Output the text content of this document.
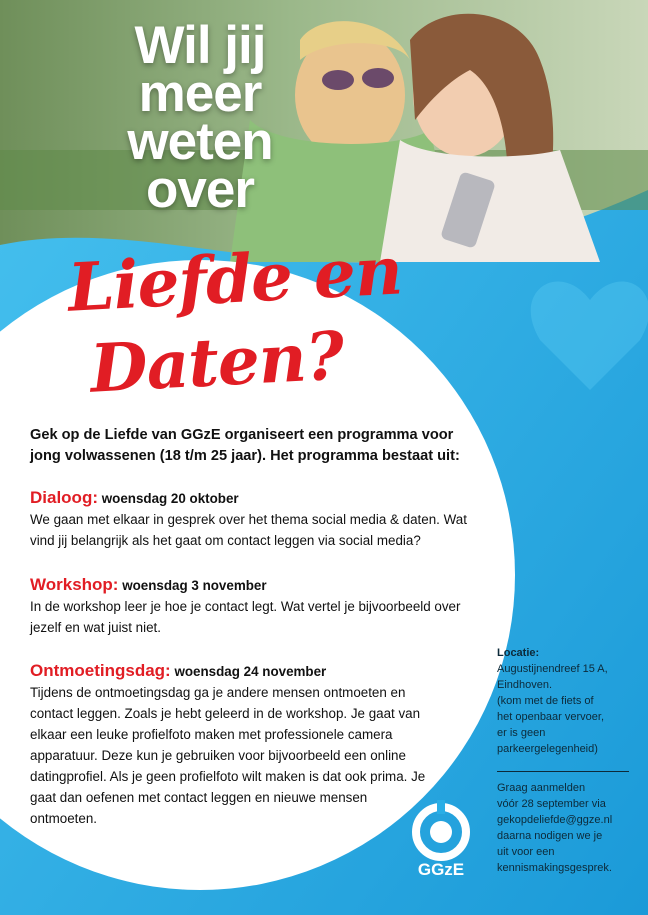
Wil jij
meer
weten
over
Liefde en
Daten?
Gek op de Liefde van GGzE organiseert een programma voor jong volwassenen (18 t/m 25 jaar). Het programma bestaat uit:
Dialoog: woensdag 20 oktober

We gaan met elkaar in gesprek over het thema social media & daten. Wat vind jij belangrijk als het gaat om contact leggen via social media?

Workshop: woensdag 3 november

In de workshop leer je hoe je contact legt. Wat vertel je bijvoorbeeld over jezelf en wat juist niet.

Ontmoetingsdag: woensdag 24 november

Tijdens de ontmoetingsdag ga je andere mensen ontmoeten en contact leggen. Zoals je hebt geleerd in de workshop. Je gaat van elkaar een leuke profielfoto maken met professionele camera apparatuur. Deze kun je gebruiken voor bijvoorbeeld een online datingprofiel. Als je geen profielfoto wilt maken is dat ook prima. Je gaat dan oefenen met contact leggen en nieuwe mensen ontmoeten.

Locatie:

Augustijnendreef 15 A,

Eindhoven.

(kom met de fiets of

het openbaar vervoer,

er is geen

parkeergelegenheid)

Graag aanmelden

vóór 28 september via

gekopdeliefde@ggze.nl

daarna nodigen we je

uit voor een

kennismakingsgesprek.

GGzE
